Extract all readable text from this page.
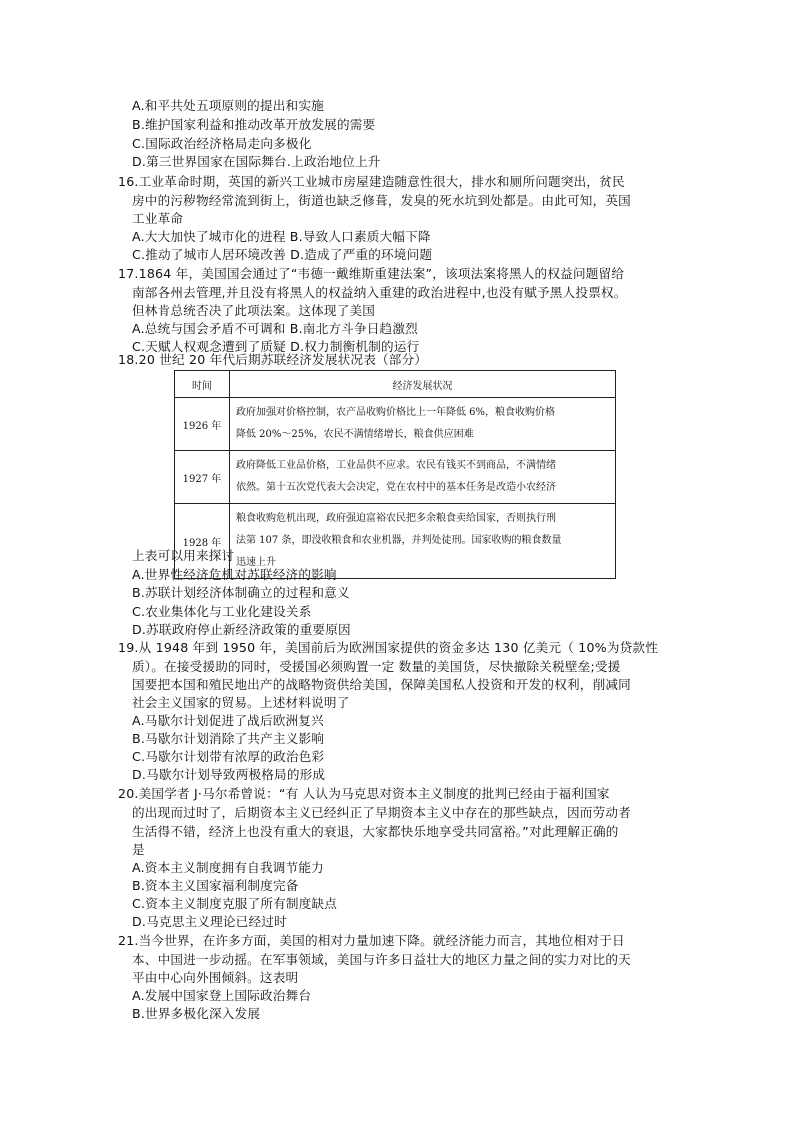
A.和平共处五项原则的提出和实施
B.维护国家利益和推动改革开放发展的需要
C.国际政治经济格局走向多极化
D.第三世界国家在国际舞台.上政治地位上升
16.工业革命时期，英国的新兴工业城市房屋建造随意性很大，排水和厕所问题突出，贫民
房中的污秽物经常流到街上，街道也缺乏修葺，发臭的死水坑到处都是。由此可知，英国
工业革命
A.大大加快了城市化的进程 B.导致人口素质大幅下降
C.推动了城市人居环境改善 D.造成了严重的环境问题
17.1864 年，美国国会通过了“韦德一戴维斯重建法案”，该项法案将黑人的权益问题留给
南部各州去管理,并且没有将黑人的权益纳入重建的政治进程中,也没有赋予黑人投票权。
但林肯总统否决了此项法案。这体现了美国
A.总统与国会矛盾不可调和 B.南北方斗争日趋激烈
C.天赋人权观念遭到了质疑 D.权力制衡机制的运行
18.20 世纪 20 年代后期苏联经济发展状况表（部分）
时间	经济发展状况
1926 年	政府加强对价格控制，农产品收购价格比上一年降低 6%，粮食收购价格
降低 20%～25%，农民不满情绪增长，粮食供应困难

1927 年	政府降低工业品价格，工业品供不应求。农民有钱买不到商品，不满情绪
依然。第十五次党代表大会决定，党在农村中的基本任务是改造小农经济

1928 年	粮食收购危机出现，政府强迫富裕农民把多余粮食卖给国家，否则执行刑
法第 107 条，即没收粮食和农业机器，并判处徒刑。国家收购的粮食数量
迅速上升
上表可以用来探讨
A.世界性经济危机对苏联经济的影响
B.苏联计划经济体制确立的过程和意义
C.农业集体化与工业化建设关系
D.苏联政府停止新经济政策的重要原因
19.从 1948 年到 1950 年，美国前后为欧洲国家提供的资金多达 130 亿美元（ 10%为贷款性
质）。在接受援助的同时，受援国必须购置一定 数量的美国货，尽快撤除关税壁垒;受援
国要把本国和殖民地出产的战略物资供给美国，保障美国私人投资和开发的权利，削减同
社会主义国家的贸易。上述材料说明了
A.马歇尔计划促进了战后欧洲复兴
B.马歇尔计划消除了共产主义影响
C.马歇尔计划带有浓厚的政治色彩
D.马歇尔计划导致两极格局的形成
20.美国学者 J·马尔希曾说：“有 人认为马克思对资本主义制度的批判已经由于福利国家
的出现而过时了，后期资本主义已经纠正了早期资本主义中存在的那些缺点，因而劳动者
生活得不错，经济上也没有重大的衰退，大家都快乐地享受共同富裕。”对此理解正确的
是
A.资本主义制度拥有自我调节能力
B.资本主义国家福利制度完备
C.资本主义制度克服了所有制度缺点
D.马克思主义理论已经过时
21.当今世界，在许多方面，美国的相对力量加速下降。就经济能力而言，其地位相对于日
本、中国进一步动摇。在军事领域，美国与许多日益壮大的地区力量之间的实力对比的天
平由中心向外围倾斜。这表明
A.发展中国家登上国际政治舞台
B.世界多极化深入发展
